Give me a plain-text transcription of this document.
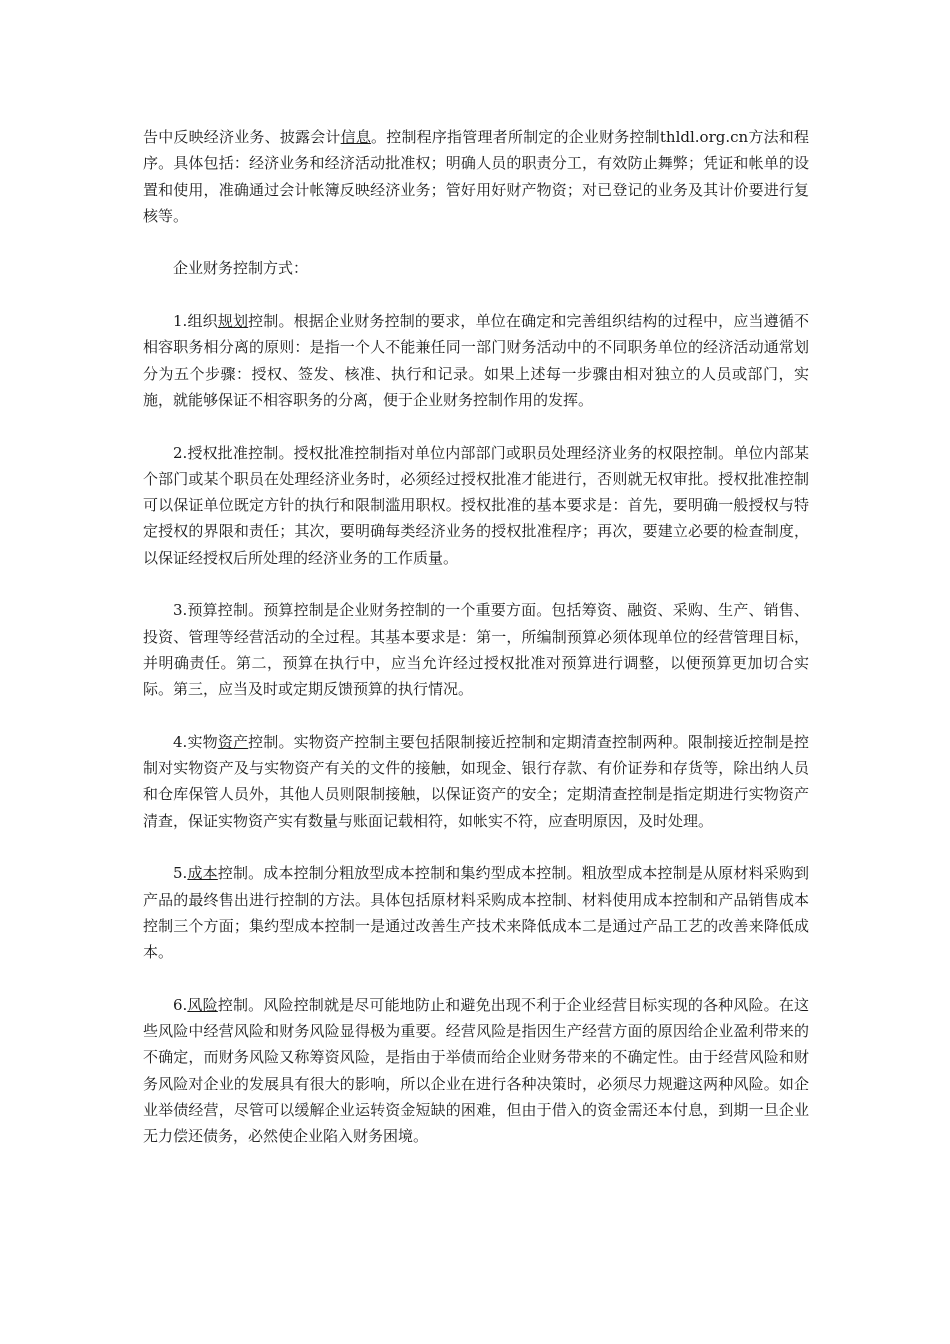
告中反映经济业务、披露会计信息。控制程序指管理者所制定的企业财务控制thldl.org.cn方法和程序。具体包括：经济业务和经济活动批准权；明确人员的职责分工，有效防止舞弊；凭证和帐单的设置和使用，准确通过会计帐簿反映经济业务；管好用好财产物资；对已登记的业务及其计价要进行复核等。

企业财务控制方式：

1.组织规划控制。根据企业财务控制的要求，单位在确定和完善组织结构的过程中，应当遵循不相容职务相分离的原则：是指一个人不能兼任同一部门财务活动中的不同职务单位的经济活动通常划分为五个步骤：授权、签发、核准、执行和记录。如果上述每一步骤由相对独立的人员或部门，实施，就能够保证不相容职务的分离，便于企业财务控制作用的发挥。

2.授权批准控制。授权批准控制指对单位内部部门或职员处理经济业务的权限控制。单位内部某个部门或某个职员在处理经济业务时，必须经过授权批准才能进行，否则就无权审批。授权批准控制可以保证单位既定方针的执行和限制滥用职权。授权批准的基本要求是：首先，要明确一般授权与特定授权的界限和责任；其次，要明确每类经济业务的授权批准程序；再次，要建立必要的检查制度，以保证经授权后所处理的经济业务的工作质量。

3.预算控制。预算控制是企业财务控制的一个重要方面。包括筹资、融资、采购、生产、销售、投资、管理等经营活动的全过程。其基本要求是：第一，所编制预算必须体现单位的经营管理目标，并明确责任。第二，预算在执行中，应当允许经过授权批准对预算进行调整，以便预算更加切合实际。第三，应当及时或定期反馈预算的执行情况。

4.实物资产控制。实物资产控制主要包括限制接近控制和定期清查控制两种。限制接近控制是控制对实物资产及与实物资产有关的文件的接触，如现金、银行存款、有价证券和存货等，除出纳人员和仓库保管人员外，其他人员则限制接触，以保证资产的安全；定期清查控制是指定期进行实物资产清查，保证实物资产实有数量与账面记载相符，如帐实不符，应查明原因，及时处理。

5.成本控制。成本控制分粗放型成本控制和集约型成本控制。粗放型成本控制是从原材料采购到产品的最终售出进行控制的方法。具体包括原材料采购成本控制、材料使用成本控制和产品销售成本控制三个方面；集约型成本控制一是通过改善生产技术来降低成本二是通过产品工艺的改善来降低成本。

6.风险控制。风险控制就是尽可能地防止和避免出现不利于企业经营目标实现的各种风险。在这些风险中经营风险和财务风险显得极为重要。经营风险是指因生产经营方面的原因给企业盈利带来的不确定，而财务风险又称筹资风险，是指由于举债而给企业财务带来的不确定性。由于经营风险和财务风险对企业的发展具有很大的影响，所以企业在进行各种决策时，必须尽力规避这两种风险。如企业举债经营，尽管可以缓解企业运转资金短缺的困难，但由于借入的资金需还本付息，到期一旦企业无力偿还债务，必然使企业陷入财务困境。
